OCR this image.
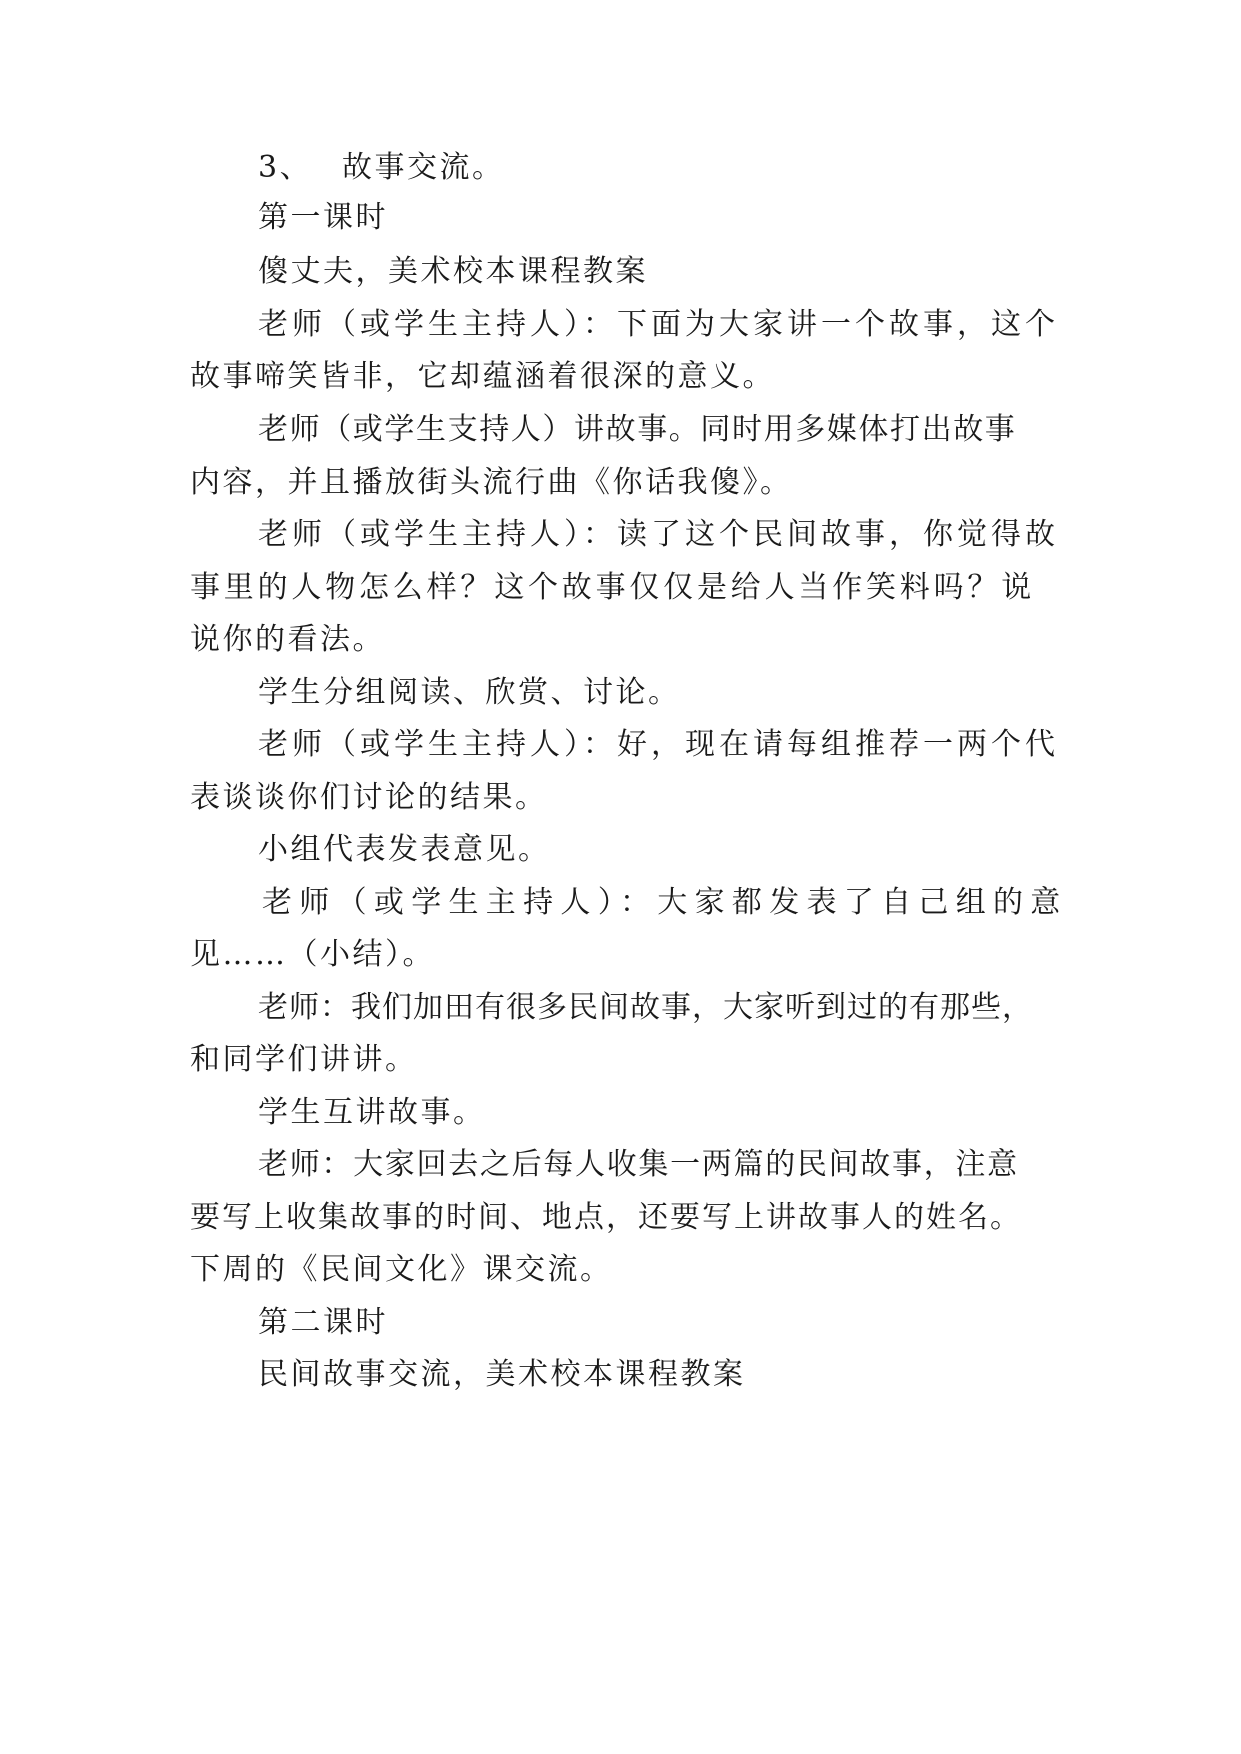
3、 故事交流。
第一课时
傻丈夫，美术校本课程教案
老师（或学生主持人）：下面为大家讲一个故事，这个
故事啼笑皆非，它却蕴涵着很深的意义。
老师（或学生支持人）讲故事。同时用多媒体打出故事
内容，并且播放街头流行曲《你话我傻》。
老师（或学生主持人）：读了这个民间故事，你觉得故
事里的人物怎么样？这个故事仅仅是给人当作笑料吗？说
说你的看法。
学生分组阅读、欣赏、讨论。
老师（或学生主持人）：好，现在请每组推荐一两个代
表谈谈你们讨论的结果。
小组代表发表意见。
老师（或学生主持人）：大家都发表了自己组的意
见……（小结）。
老师：我们加田有很多民间故事，大家听到过的有那些，
和同学们讲讲。
学生互讲故事。
老师：大家回去之后每人收集一两篇的民间故事，注意
要写上收集故事的时间、地点，还要写上讲故事人的姓名。
下周的《民间文化》课交流。
第二课时
民间故事交流，美术校本课程教案
